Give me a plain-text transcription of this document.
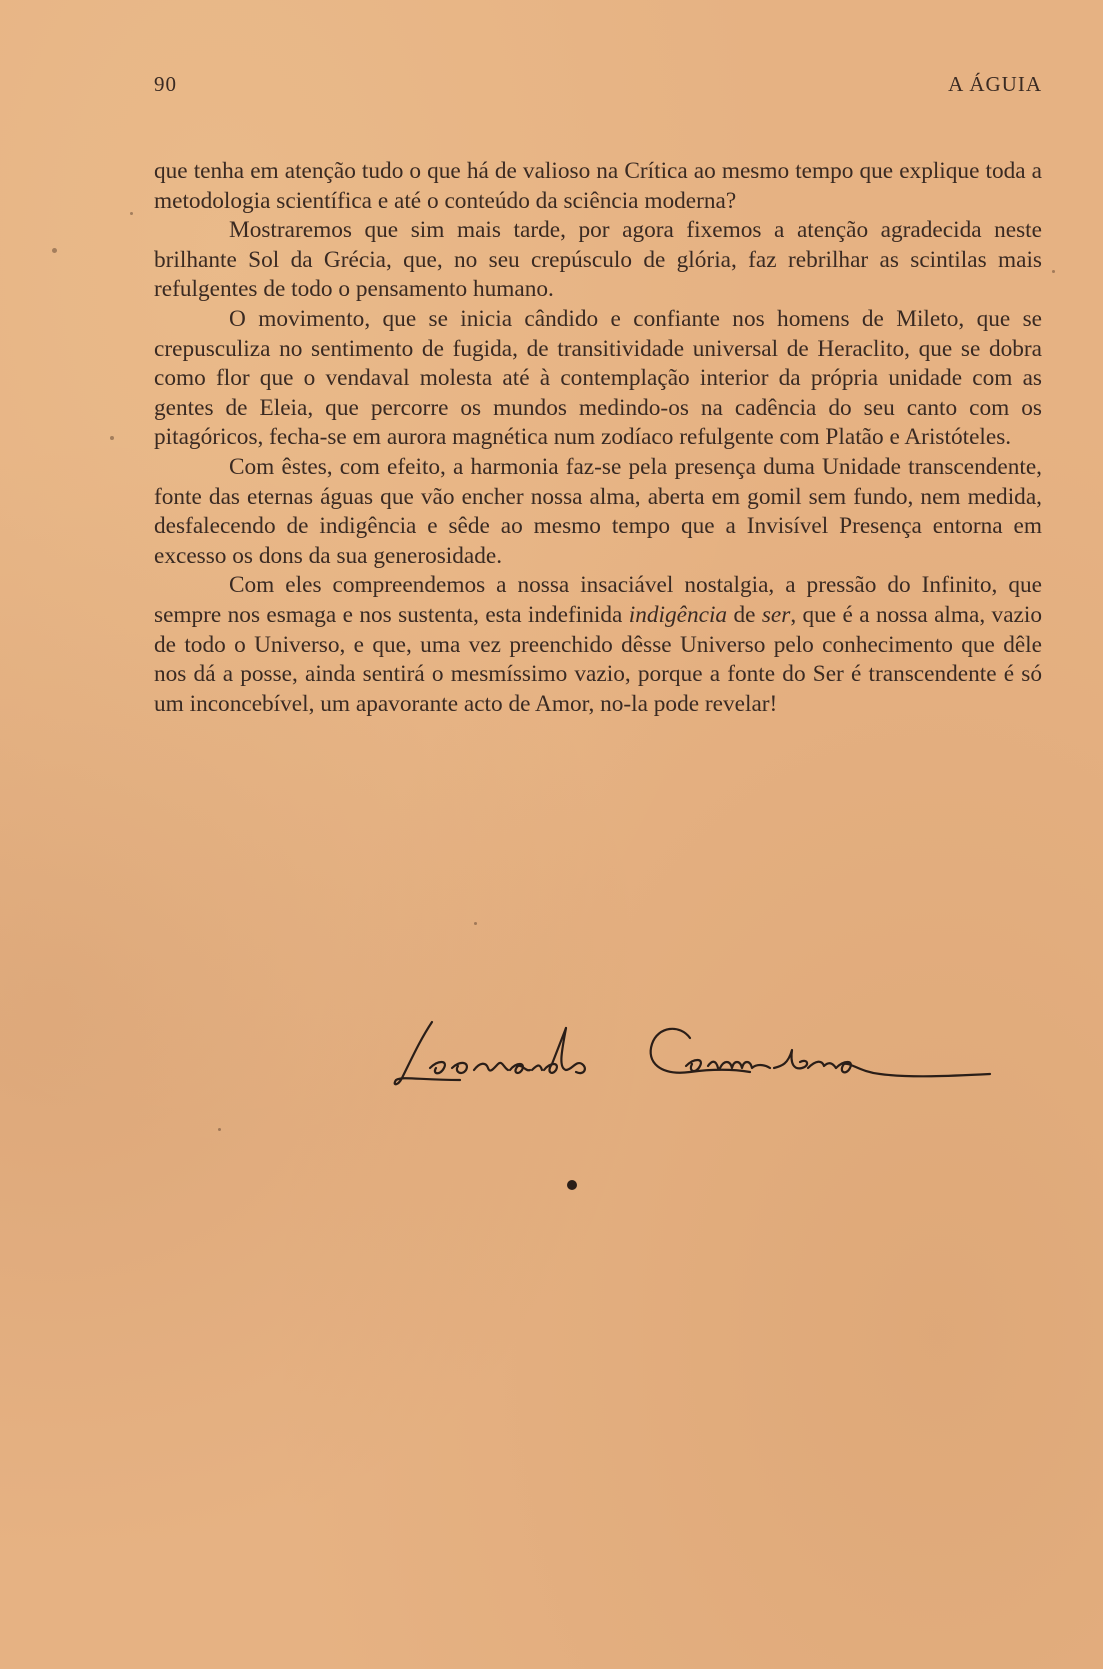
90	A ÁGUIA

que tenha em atenção tudo o que há de valioso na Crítica ao mesmo tempo que explique toda a metodologia scientífica e até o conteúdo da sciência moderna?

Mostraremos que sim mais tarde, por agora fixemos a atenção agradecida neste brilhante Sol da Grécia, que, no seu crepúsculo de glória, faz rebrilhar as scintilas mais refulgentes de todo o pensamento humano.

O movimento, que se inicia cândido e confiante nos homens de Mileto, que se crepusculiza no sentimento de fugida, de transitividade universal de Heraclito, que se dobra como flor que o vendaval molesta até à contemplação interior da própria unidade com as gentes de Eleia, que percorre os mundos medindo-os na cadência do seu canto com os pitagóricos, fecha-se em aurora magnética num zodíaco refulgente com Platão e Aristóteles.

Com êstes, com efeito, a harmonia faz-se pela presença duma Unidade transcendente, fonte das eternas águas que vão encher nossa alma, aberta em gomil sem fundo, nem medida, desfalecendo de indigência e sêde ao mesmo tempo que a Invisível Presença entorna em excesso os dons da sua generosidade.

Com eles compreendemos a nossa insaciável nostalgia, a pressão do Infinito, que sempre nos esmaga e nos sustenta, esta indefinida indigência de ser, que é a nossa alma, vazio de todo o Universo, e que, uma vez preenchido dêsse Universo pelo conhecimento que dêle nos dá a posse, ainda sentirá o mesmíssimo vazio, porque a fonte do Ser é transcendente é só um inconcebível, um apavorante acto de Amor, no-la pode revelar!
